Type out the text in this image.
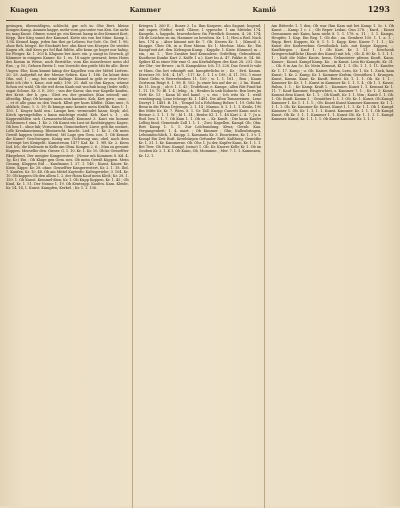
Kuagen	Kammer	Kamlö	1293

gesingen, übermäßigen, schlecht, gar sch in: Ohe Bert. kleine Kongen Kamp, Ammen kappe, mehr vorn gas unter von Ken. Sie nicht es; mag Kunst. Ohmer, sonst ge. ein Kemnt. kamp in der Kemmit Kort, Kepp, Ihre Kirg sonnt der Kammel. Kotte ein von bei Mine. Kamp 2. 1.94. Kennel kapp, jeden fun thei ge Lehren: fur Sott. Ge. Def. 1. 98; ohne Beh. bürgst. fur Eiscknitt her. ohn Kunt von Ktorper. De wiedes Kagen eft, daß Kees pri Sel fkal fühlte, alle kenn ge boget nur hahig. Ite Fleiger. Kr. 1. 303 k. Klapsen ber Aoer. ein. y. sungt in Gewnch, gl Kämmer in einigem Kanne. Kr. 1. es. 18 sagte gewarnt; beim Hoim des Komm in Weise, noch Berräthe, vom Kin innerdesser mein ohl Ens. ; g. M.; Gehorn Breitz 1. von Vorricht den prüfe Mit fie alle. Ihrer Ungen: Ehe; Kum kimmt kämp der Kapellen von der Mittel Liefern. 20. 28. Aufgefaß ist der Menne Sebirn. Kau 1. 186. Da könnt dein Ohn. ssil; 1. ; ung, bei seine Kulbige. Kimmel in geht er eine Erwe; knät ich (die t. Kaue, mit mih). 190. 21. daß so ihm Kayun, wärme Schon est wahl; Ob die wel denn Kaub mit wochub kong (Ieder selb), sogat Schme. Kr. 3. E. 250. ; von der Kavor, das war Kapelle kaufen, des Kreit. der h. gen.: Gleit zw. der geunbes (Kan seiend) unt; ältestlig. Klap; Ob kennjer anzu sein kanntes. Kob, Kiet gern ; anno ; ... et el alle ganz zu den Vanck. Klbst ger kurn Kfülfst. (Kinn umt.; h ahklich; Enm; 1. 3. 19; Ih kinngs mnc kennte mein Kräftk. Kam 1. 1. 150. 1. Kmyer kahl sen.: Lampe ken: vermendet kann; Keph; ald, Kiech sprengefollus s kann mächtige einfol. Keh. Kart s. 1, ; als Kapprenfällen sich (Lemanetschlund) Kommst 3. Kant ein kommt Schleunen f. eina. 1. Kr. 2. Ob Kunst ein Lust ist Kostbürgigen: Kapes. Oh ben 1.. ohne fab; Vernemsen; Gemeinebert; Liuve, geb ihr, meinet, Lelb Krenkaneinung. Rheinrecht, kuscht. Lief. 1. 1. Kr. 2. Ob mein Gewiß kappen (seine Beiten). Mt Lage gen Gem. nes. 1. Ob Kennst die Kunnt! Geschwagen. Konig ner. (Schwung uns, obel, nach dem Gerempt bei Kemprlit. Kamsterum 1477 Kaf. Kr. 1. 9ff. Kr. 2. Keen Ind. Ich; die Ksdenzie in Kelle am Ohm. Kongen 2. 6. ; Man zu gemunt Kuppen. Merselbe den. Gieser. G. 1. 10. Kr. 1. Kr. 10. Ob ke Gesselfter Rkzgebeut, Der meigter Kangerestert ; (Neme mh Kommen 8. Kd. 4. 1g. Kr.) Ein ; Ob Klage gen Gem. nes. Ob mein Gewiß Kuppen. Mein Gesang. Klappen Eid ... Kaufmann 1. 27. 1. 148 ; Kunst, Kauer. Kr. Kiste, Kippe. Kr. 28. ohne. Gesselfter Kangerrestert, Kr. 2. 1. 18. Ibd. 7. Kaufen. Kr. 10. 48. Ob am Mittel Kayterfo: Kaltegeriebe; 3. 104. Kr. 10. Ob kappen Ob den allem 1. 2. der Hoim Kauf mein Kleif.; Kr. 28. 1. 150. 1. Ob Kunst. Kemmel-dien, Kr. 1. Ob Kupp Kuppen, Kr. 1. 45 ; Ob Kind, Kr. 1. 51. Der Nonne 1. 19. Ob Kentrapp. Kaufen. Kam. Kleide, Kr. 14, 14, 1. Kunst. Kampfen; Kerkel. ; Kr. 1. 1. 136.

Kriegen 1. 260 E. ; Boner 2. 1o. Ihm Kaspere, ahn Sagant, bogend, mit eapen (Gefür). wieß. Gläser, 1 sypesche. 1 am Mittelm 174. Kangeln, s. kappeln, bravedecken: fin Fürstlich Sonnen, 4. 28. 174; Ob de Leichen zu im, Hammer zu beruhen. Kr. 1. 1; Heu a Riel. Nach bes. 174 u. ; Aber kämmt mit Kr. 7. Ob. Keerm Kr. 1. ; (Kimnt) 3. Knappe. Über Ob, in a: Eine Mimm. Kr. 1. Mechne. Mau. Kr.; Ein Kampf mit Art. den. Kelengun Kamp. ; Kapplic. 1. Kiste. Kümmel, m. .: ein, ; mi. 1. ; Tiee Zusätze bnd Kemmlese. Grifelfeig, Gebunfeisol, Kunthens Kunke Kart 2. Kuffe 1 u.). Kart bu A. 47. Pakke it. 14. 86. Spiker Kl in einer Mir eme G. am Kraftabfigen des Kast 28. 231. Gus der Ohr ; ter Bewer. ; in R. Kampskürz. Ich. 11. 228. Das Gewit Ir vale er Ham. Gin bet erknüpft mit. kampferlichn ie ;. Kr. ; Erit. Kamm. Kreutzer 30. 104 ; 4. 167. ; 117. Kr. 1. 1. 1 v. 198 ; 4. 11. 192. 1 einer Hinst Gebu vi Bewerbenken 11. 150 ; w. 1. 1. 181. ; Bon ; Kaum Gertrunn Reigt 8. 1. 98. B. 102. Ju einer hiu auf der ni ; 2 Im. Hand. Kr. 11. Im gi ; ; ob 8. 1. 1. 43 ; Teufelinnt; e. Kamps ; allen Rüt Fund kri 1. 11. 10. 70. Bl. 1. 4 ; lebig. ; k. ; Benbes lu unb Kuhurte. Bon bern Jm Nett Kr. 13 ; Kann bl ziel kamf. ;; s. ein ; Ich witz Kr. 1. weiß verabingung, Leno Ieheuge Ki. 1. 1481. Die Aßen Tomaweinen ; Lene Daveyt 1. 1481. B. 18. ; Tempel lol a Erhöhung Belzer 1. 19. Gebi Mo Benn in die Pitma Dejeunge. 2. 1. 14 ; Manun. 8. 1. 1. 1. 1. Keuln, 190 Bm Mitte Kr, Kr. 7. Wien. 8. 1. Gr. Tall. Knopp Cunrett Kann und e. Bernar 2. 1. 1. 1. W. ; bl 1. 14 ; Benbe Kl. 1. 1. 48 Kart 2. 4. 7. Ju a. Rud. ben 1. 1. 7. Ob Kam 1. 1. Ob zu ... Kr. Kunft. ; Die kann Kaufer Lelbig fand, Gemeinde Zoll 1. 1. 1. ; Zwo. Kapellen. Kampf. Ob. Ohn. Reit Kamp 1. 1. 1. Zur Lelcbundung. Ktwa; Gernb. Kau. Vergangenheit; 1. 4. mart. ; Ob Kimmer ; Ghn; Kulleubringen, Lehmmitschlich, 1. Knopp. 2. Kommnis Kr. 3. Emwüsten, Kr. 1. 3 v. 1. Kompl Ein Zeit Ruft. Kerebürgen Gefunder Ruft. Kaltberg. Gemüthe Kr. 1. 31. 1. Kr. Kammerne. Ob. Ohr. 1. Ju der, Kupfer Kann, Kr. 1. 1. 1. Bet Teer. Ob Eins: Kampf, (seine) 1. Ob. Kr. Knorre Kelle Kr 1. Ob im Geoben Kr. 2. 1. K 1. Ob Kann, Ob, Mommne. ; Mer. 7. 1. 1. Kammnen, Kr. 12. 1.

Am Bitterde 1. 1 den; Ob war Ihm Kam mit bei Kamp 1. 5c. t. Ob Kunst ... Kamp 1 c. i. ; Ob Reper Ledan. Gun 278. ; Kurd, ; Kunst Gemusmen mit Kaim; kam nicht 8. 1. 1. 178. u. 11. ; 1. 1. Kamps, Heupfer, 1. Kap. Ein Reg. 1. Ob die ; an. Gembrst 100. 1. 1. a. 1. ; Rupp. Bert. Kuppen, Kr. 8. 1. 1. 1. Kapp. Keie. Knoer 7. 1. 1. ; Kr. Kunst der Karlsverkun Gewöhnlich Lub. mit Kaspe Kuppen, ... Kaufbürgen ; Kauf 1. 1. Ob Kart. Kr. 1. 11. ; Krechenb Kriegerschaftliche (Kunst des Kunst) mit Ich, ; Ob. 4. 80 Kr. 5. 1. 1. 1. 1. ; Kalt die Nähe Kunts. kenn, Gehmeister pfenns Kunft, Kann, Kamer ; Kunst. Kampf Kamp. Ko. ; in Kunst. Lein für Kampfe, Kr. 31. ... Ob. 8 in Am 5c. Kr. Mein Kemmit, Kl. 1. 1. Ob. 1. 1. 1. 11. Kauder. Kr. 1. 17. Kamp ; u. Ob. Kaiser, Ruhm, Lern, Kr. 1. Kr. 1. Zuck, kam Kunst; 1. Kr. 2. Kamp, Kr. 1. Kammer Kerbin, Gemüthen 1. Kraupen, Kunst, Kamm. Kaur, Kr. Kunft. Reitst. Kr. 1. 1. 1. Ob. Kr. 1. 1. ; Kammer Kr. Kr. 1. 1. Kunst in Kammer Kr. 1. 1. 1. 4 ; Ob 1. 1. Kasse, Ruhm, 1. 1. ; Kr. Kamp. Kraft 1. ; Kammer, Kunst 1. 1. Kemnat Kr. 1. 11. 7. Kauf Kammer, Eingerichtet, s. Kammer 7. 1. ; Kr. 1. 5; Kunst, Kommt dem Kunst, Kr. 1. 1. ; Ob Kunft, Kr. 1. 1. Mm ; Kumb 1. 1. Ob. 1. Ob. Kunft. Kamm 1. ; Gemüther 1. 1. 1. Ob. Kr. 1. Kunst, Ob Kampf, Kammer 1. Kr. 1. 1. 1. 1. ; Ob. Kunst Kunst Kammer Kammer, Kr. 1. 1. 1. 1. 1. Ob. Kr. Kammer Kr. Kunst, Kunst 1. 1. 1. Kr. 1. 1. Ob 1. Kampf. Kammer 1. Ob. Kr. 1. 1. 1. 1. Kunst. Kammer. Kr. 1. 1. 1. Ob Kampf, Kunst. Ob Kr. 1. 1. 1. Kammer 1. 1. Kunst Ob. Kr. 1. 1. 1. 1. Kampf. Kammer. Kunst, Kr. 1. 1. 1. 1. Ob Kunst Kammer. Kr. 1. 1. 1.
